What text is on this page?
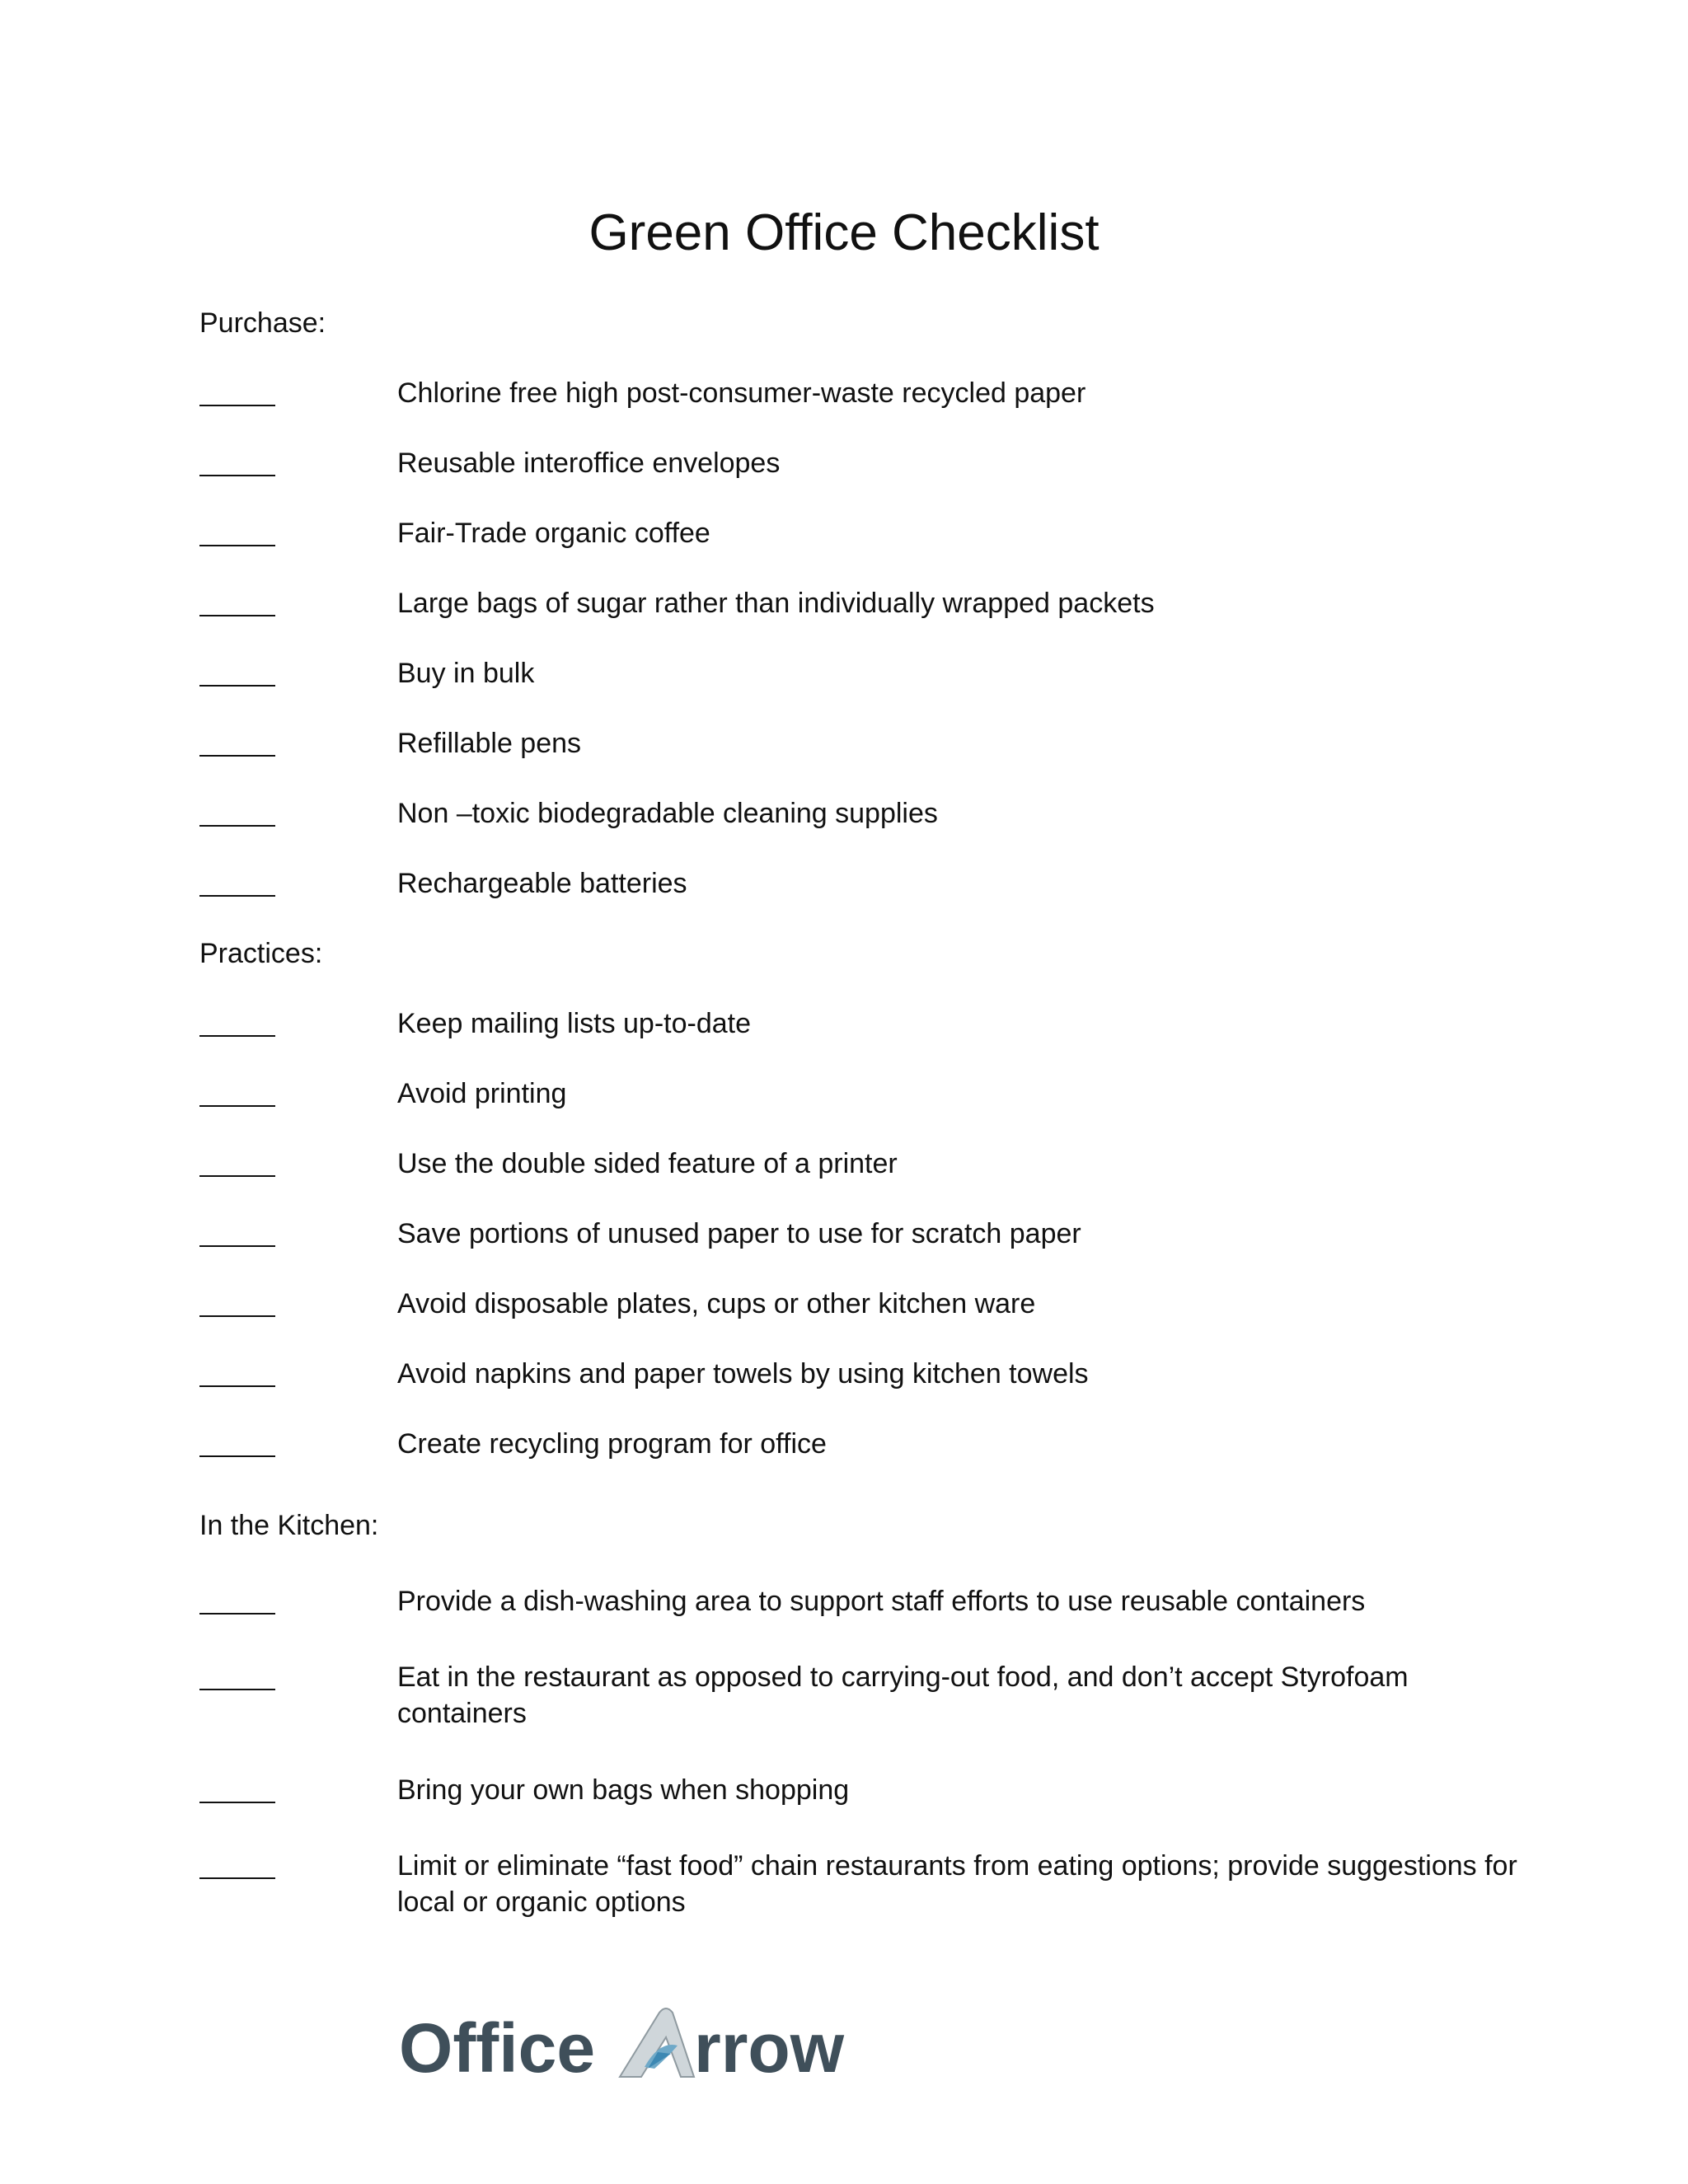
Green Office Checklist
Purchase:
Chlorine free high post-consumer-waste recycled paper
Reusable interoffice envelopes
Fair-Trade organic coffee
Large bags of sugar rather than individually wrapped packets
Buy in bulk
Refillable pens
Non –toxic biodegradable cleaning supplies
Rechargeable batteries
Practices:
Keep mailing lists up-to-date
Avoid printing
Use the double sided feature of a printer
Save portions of unused paper to use for scratch paper
Avoid disposable plates, cups or other kitchen ware
Avoid napkins and paper towels by using kitchen towels
Create recycling program for office
In the Kitchen:
Provide a dish-washing area to support staff efforts to use reusable containers
Eat in the restaurant as opposed to carrying-out food, and don’t accept Styrofoam containers
Bring your own bags when shopping
Limit or eliminate “fast food” chain restaurants from eating options; provide suggestions for local or organic options
Office rrow
